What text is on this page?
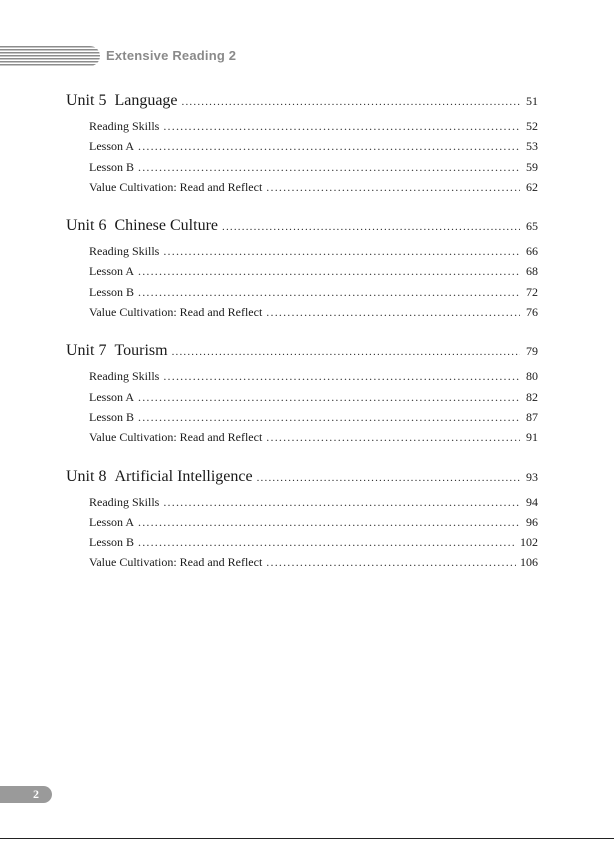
Extensive Reading 2
Unit 5 Language .....	51
Reading Skills .....	52
Lesson A .....	53
Lesson B .....	59
Value Cultivation: Read and Reflect .....	62
Unit 6 Chinese Culture .....	65
Reading Skills .....	66
Lesson A .....	68
Lesson B .....	72
Value Cultivation: Read and Reflect .....	76
Unit 7 Tourism .....	79
Reading Skills .....	80
Lesson A .....	82
Lesson B .....	87
Value Cultivation: Read and Reflect .....	91
Unit 8 Artificial Intelligence .....	93
Reading Skills .....	94
Lesson A .....	96
Lesson B .....	102
Value Cultivation: Read and Reflect .....	106
2
